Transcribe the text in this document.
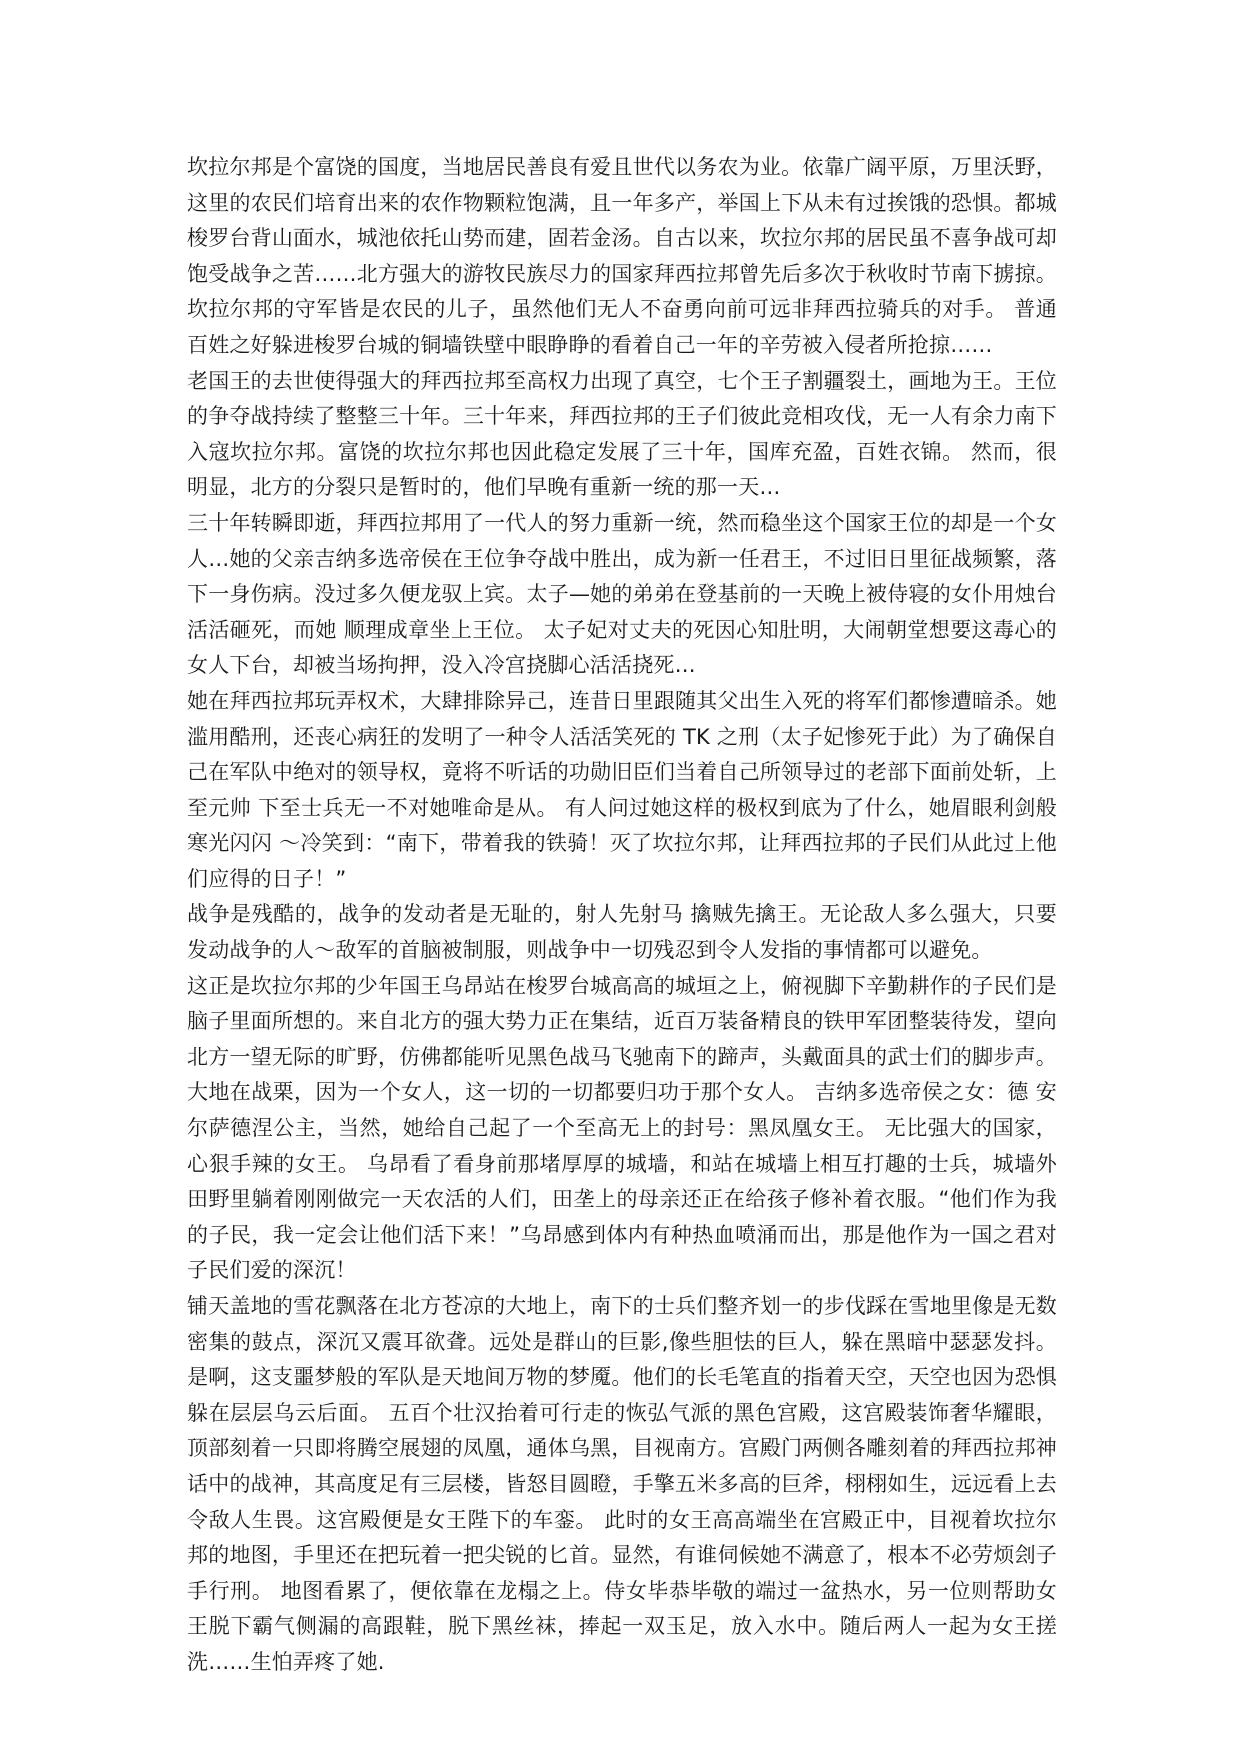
坎拉尔邦是个富饶的国度，当地居民善良有爱且世代以务农为业。依靠广阔平原，万里沃野，这里的农民们培育出来的农作物颗粒饱满，且一年多产，举国上下从未有过挨饿的恐惧。都城梭罗台背山面水，城池依托山势而建，固若金汤。自古以来，坎拉尔邦的居民虽不喜争战可却饱受战争之苦……北方强大的游牧民族尽力的国家拜西拉邦曾先后多次于秋收时节南下掳掠。 坎拉尔邦的守军皆是农民的儿子，虽然他们无人不奋勇向前可远非拜西拉骑兵的对手。 普通百姓之好躲进梭罗台城的铜墙铁壁中眼睁睁的看着自己一年的辛劳被入侵者所抢掠……

老国王的去世使得强大的拜西拉邦至高权力出现了真空，七个王子割疆裂土，画地为王。王位的争夺战持续了整整三十年。三十年来，拜西拉邦的王子们彼此竞相攻伐，无一人有余力南下入寇坎拉尔邦。富饶的坎拉尔邦也因此稳定发展了三十年，国库充盈，百姓衣锦。 然而，很明显，北方的分裂只是暂时的，他们早晚有重新一统的那一天…

三十年转瞬即逝，拜西拉邦用了一代人的努力重新一统，然而稳坐这个国家王位的却是一个女人…她的父亲吉纳多选帝侯在王位争夺战中胜出，成为新一任君王，不过旧日里征战频繁，落下一身伤病。没过多久便龙驭上宾。太子—她的弟弟在登基前的一天晚上被侍寝的女仆用烛台活活砸死，而她 顺理成章坐上王位。 太子妃对丈夫的死因心知肚明，大闹朝堂想要这毒心的女人下台，却被当场拘押，没入冷宫挠脚心活活挠死…

她在拜西拉邦玩弄权术，大肆排除异己，连昔日里跟随其父出生入死的将军们都惨遭暗杀。她滥用酷刑，还丧心病狂的发明了一种令人活活笑死的 TK 之刑（太子妃惨死于此）为了确保自己在军队中绝对的领导权，竟将不听话的功勋旧臣们当着自己所领导过的老部下面前处斩，上至元帅 下至士兵无一不对她唯命是从。 有人问过她这样的极权到底为了什么，她眉眼利剑般寒光闪闪 ～冷笑到：“南下，带着我的铁骑！灭了坎拉尔邦，让拜西拉邦的子民们从此过上他们应得的日子！”

战争是残酷的，战争的发动者是无耻的，射人先射马 擒贼先擒王。无论敌人多么强大，只要发动战争的人～敌军的首脑被制服，则战争中一切残忍到令人发指的事情都可以避免。

这正是坎拉尔邦的少年国王乌昂站在梭罗台城高高的城垣之上，俯视脚下辛勤耕作的子民们是脑子里面所想的。来自北方的强大势力正在集结，近百万装备精良的铁甲军团整装待发，望向北方一望无际的旷野，仿佛都能听见黑色战马飞驰南下的蹄声，头戴面具的武士们的脚步声。大地在战栗，因为一个女人，这一切的一切都要归功于那个女人。 吉纳多选帝侯之女：德 安尔萨德涅公主，当然，她给自己起了一个至高无上的封号：黑凤凰女王。 无比强大的国家，心狠手辣的女王。 乌昂看了看身前那堵厚厚的城墙，和站在城墙上相互打趣的士兵，城墙外 田野里躺着刚刚做完一天农活的人们，田垄上的母亲还正在给孩子修补着衣服。“他们作为我的子民，我一定会让他们活下来！”乌昂感到体内有种热血喷涌而出，那是他作为一国之君对子民们爱的深沉！

铺天盖地的雪花飘落在北方苍凉的大地上，南下的士兵们整齐划一的步伐踩在雪地里像是无数密集的鼓点，深沉又震耳欲聋。远处是群山的巨影,像些胆怯的巨人，躲在黑暗中瑟瑟发抖。是啊，这支噩梦般的军队是天地间万物的梦魇。他们的长毛笔直的指着天空，天空也因为恐惧躲在层层乌云后面。 五百个壮汉抬着可行走的恢弘气派的黑色宫殿，这宫殿装饰奢华耀眼，顶部刻着一只即将腾空展翅的凤凰，通体乌黑，目视南方。宫殿门两侧各雕刻着的拜西拉邦神话中的战神，其高度足有三层楼，皆怒目圆瞪，手擎五米多高的巨斧，栩栩如生，远远看上去令敌人生畏。这宫殿便是女王陛下的车銮。 此时的女王高高端坐在宫殿正中，目视着坎拉尔邦的地图，手里还在把玩着一把尖锐的匕首。显然，有谁伺候她不满意了，根本不必劳烦刽子手行刑。 地图看累了，便依靠在龙榻之上。侍女毕恭毕敬的端过一盆热水，另一位则帮助女王脱下霸气侧漏的高跟鞋，脱下黑丝袜，捧起一双玉足，放入水中。随后两人一起为女王搓洗……生怕弄疼了她.
